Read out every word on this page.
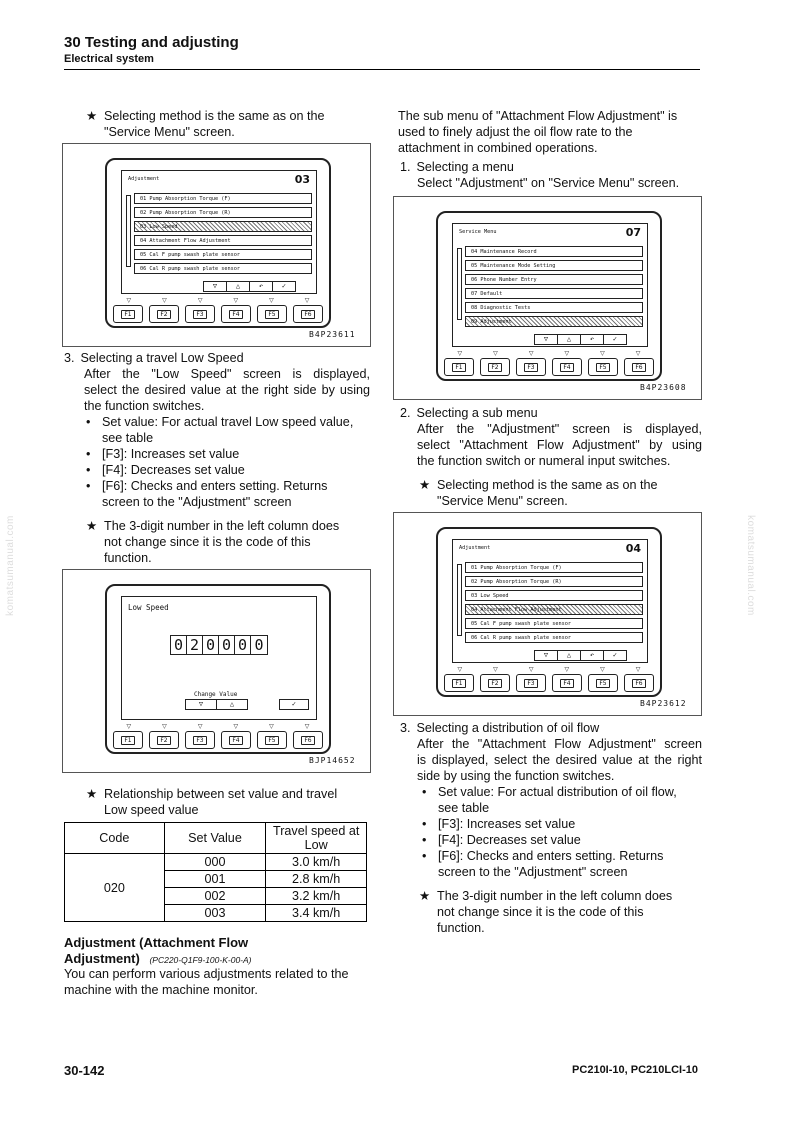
30 Testing and adjusting
Electrical system
komatsumanual.com	komatsumanual.com
★ Selecting method is the same as on the
"Service Menu" screen.
Adjustment	03
01 Pump Absorption Torque (F)
02 Pump Absorption Torque (R)
03 Low Speed
04 Attachment Flow Adjustment
05 Cal F pump swash plate sensor
06 Cal R pump swash plate sensor
▽	△	↶	✓
▽	▽	▽	▽	▽	▽
F1	F2	F3	F4	F5	F6
B4P23611
3. Selecting a travel Low Speed
After the "Low Speed" screen is displayed,
select the desired value at the right side by using
the function switches.
• Set value: For actual travel Low speed value,
see table
• [F3]: Increases set value
• [F4]: Decreases set value
• [F6]: Checks and enters setting. Returns
screen to the "Adjustment" screen
★ The 3-digit number in the left column does
not change since it is the code of this
function.
Low Speed
0 2 0 0 0 0
Change Value
▽	△	✓
▽	▽	▽	▽	▽	▽
F1	F2	F3	F4	F5	F6
BJP14652
★ Relationship between set value and travel
Low speed value
Code	Set Value	Travel speed at
Low

020	000	3.0 km/h
	001	2.8 km/h
	002	3.2 km/h
	003	3.4 km/h
Adjustment (Attachment Flow
Adjustment) (PC220-Q1F9-100-K-00-A)
You can perform various adjustments related to the
machine with the machine monitor.
The sub menu of "Attachment Flow Adjustment" is
used to finely adjust the oil flow rate to the
attachment in combined operations.
1. Selecting a menu
Select "Adjustment" on "Service Menu" screen.
Service Menu	07
04 Maintenance Record
05 Maintenance Mode Setting
06 Phone Number Entry
07 Default
08 Diagnostic Tests
09 Adjustment
▽	△	↶	✓
▽	▽	▽	▽	▽	▽
F1	F2	F3	F4	F5	F6
B4P23608
2. Selecting a sub menu
After the "Adjustment" screen is displayed,
select "Attachment Flow Adjustment" by using
the function switch or numeral input switches.
★ Selecting method is the same as on the
"Service Menu" screen.
Adjustment	04
01 Pump Absorption Torque (F)
02 Pump Absorption Torque (R)
03 Low Speed
04 Attachment Flow Adjustment
05 Cal F pump swash plate sensor
06 Cal R pump swash plate sensor
▽	△	↶	✓
▽	▽	▽	▽	▽	▽
F1	F2	F3	F4	F5	F6
B4P23612
3. Selecting a distribution of oil flow
After the "Attachment Flow Adjustment" screen
is displayed, select the desired value at the right
side by using the function switches.
• Set value: For actual distribution of oil flow,
see table
• [F3]: Increases set value
• [F4]: Decreases set value
• [F6]: Checks and enters setting. Returns
screen to the "Adjustment" screen
★ The 3-digit number in the left column does
not change since it is the code of this
function.
30-142	PC210I-10, PC210LCI-10
